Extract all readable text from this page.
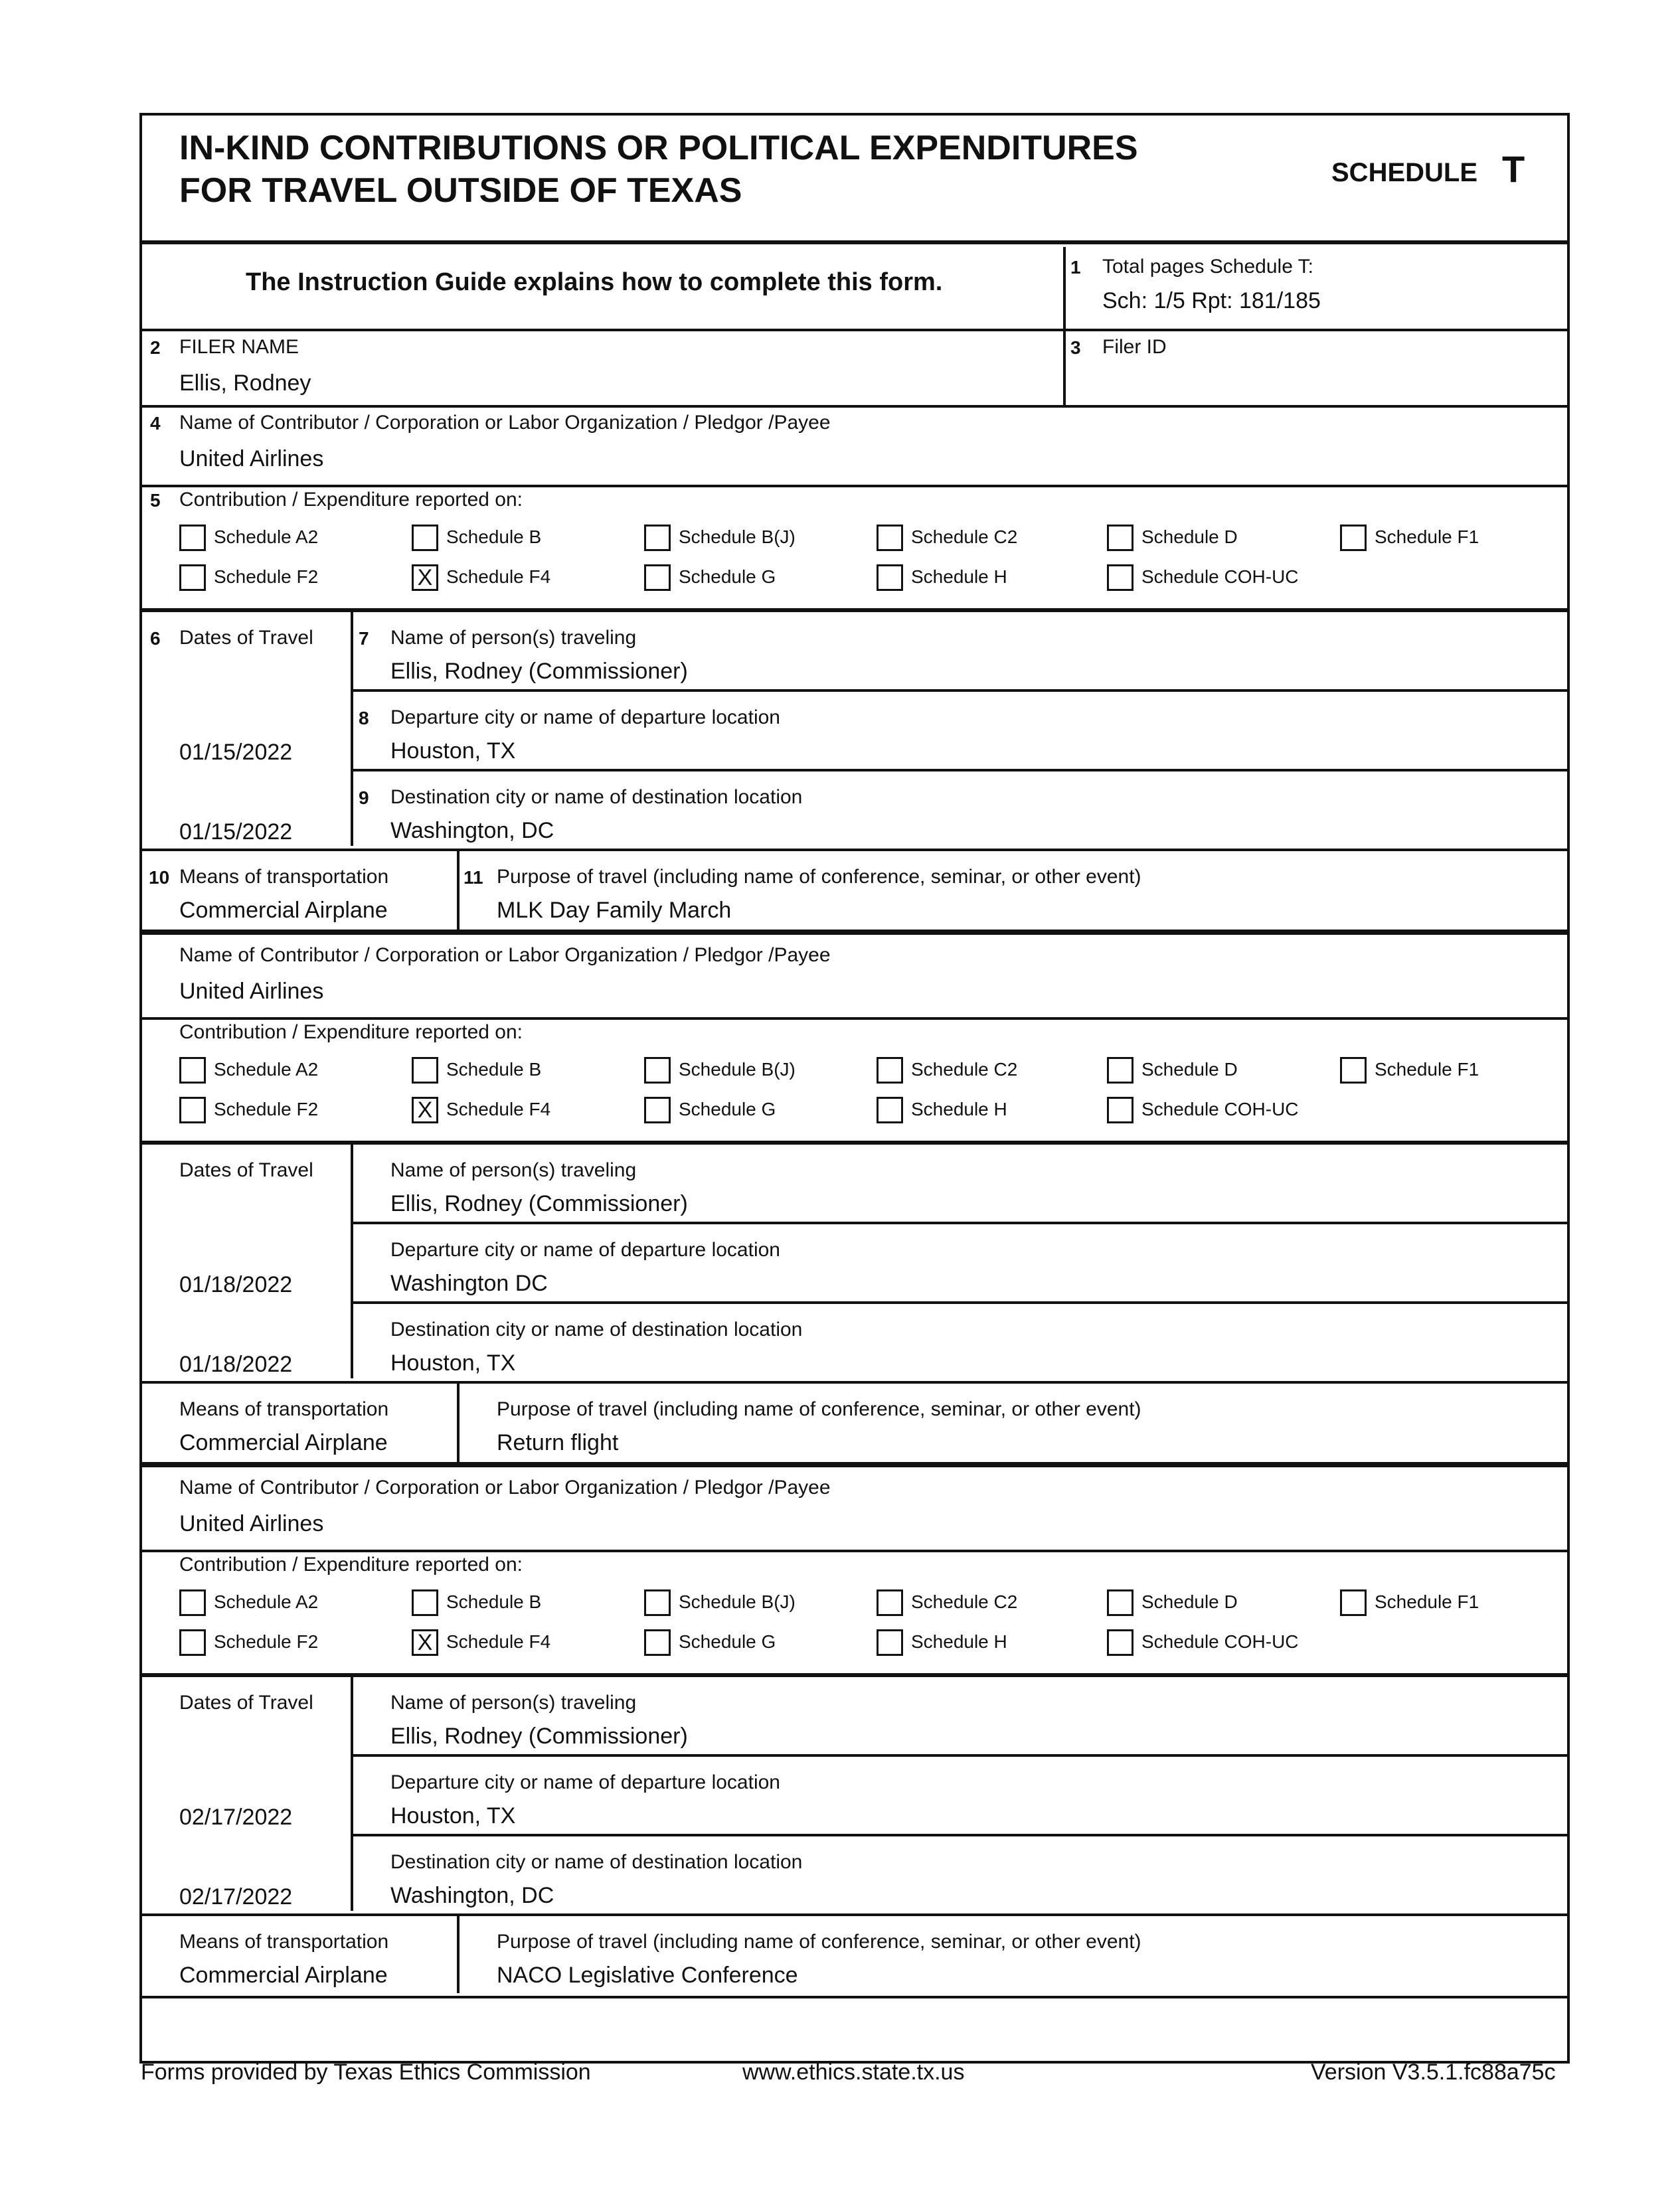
IN-KIND CONTRIBUTIONS OR POLITICAL EXPENDITURES
FOR TRAVEL OUTSIDE OF TEXAS	SCHEDULE T
The Instruction Guide explains how to complete this form.
1 Total pages Schedule T:
Sch: 1/5 Rpt: 181/185
2 FILER NAME
Ellis, Rodney
3 Filer ID
4 Name of Contributor / Corporation or Labor Organization / Pledgor /Payee
United Airlines
5 Contribution / Expenditure reported on:
Schedule A2	Schedule B	Schedule B(J)	Schedule C2	Schedule D	Schedule F1
Schedule F2	X Schedule F4	Schedule G	Schedule H	Schedule COH-UC
6 Dates of Travel
01/15/2022
01/15/2022
7 Name of person(s) traveling
Ellis, Rodney (Commissioner)
8 Departure city or name of departure location
Houston, TX
9 Destination city or name of destination location
Washington, DC
10 Means of transportation
Commercial Airplane
11 Purpose of travel (including name of conference, seminar, or other event)
MLK Day Family March
Name of Contributor / Corporation or Labor Organization / Pledgor /Payee
United Airlines
Contribution / Expenditure reported on:
Schedule A2	Schedule B	Schedule B(J)	Schedule C2	Schedule D	Schedule F1
Schedule F2	X Schedule F4	Schedule G	Schedule H	Schedule COH-UC
Dates of Travel
01/18/2022
01/18/2022
Name of person(s) traveling
Ellis, Rodney (Commissioner)
Departure city or name of departure location
Washington DC
Destination city or name of destination location
Houston, TX
Means of transportation
Commercial Airplane
Purpose of travel (including name of conference, seminar, or other event)
Return flight
Name of Contributor / Corporation or Labor Organization / Pledgor /Payee
United Airlines
Contribution / Expenditure reported on:
Schedule A2	Schedule B	Schedule B(J)	Schedule C2	Schedule D	Schedule F1
Schedule F2	X Schedule F4	Schedule G	Schedule H	Schedule COH-UC
Dates of Travel
02/17/2022
02/17/2022
Name of person(s) traveling
Ellis, Rodney (Commissioner)
Departure city or name of departure location
Houston, TX
Destination city or name of destination location
Washington, DC
Means of transportation
Commercial Airplane
Purpose of travel (including name of conference, seminar, or other event)
NACO Legislative Conference
Forms provided by Texas Ethics Commission	www.ethics.state.tx.us	Version V3.5.1.fc88a75c
